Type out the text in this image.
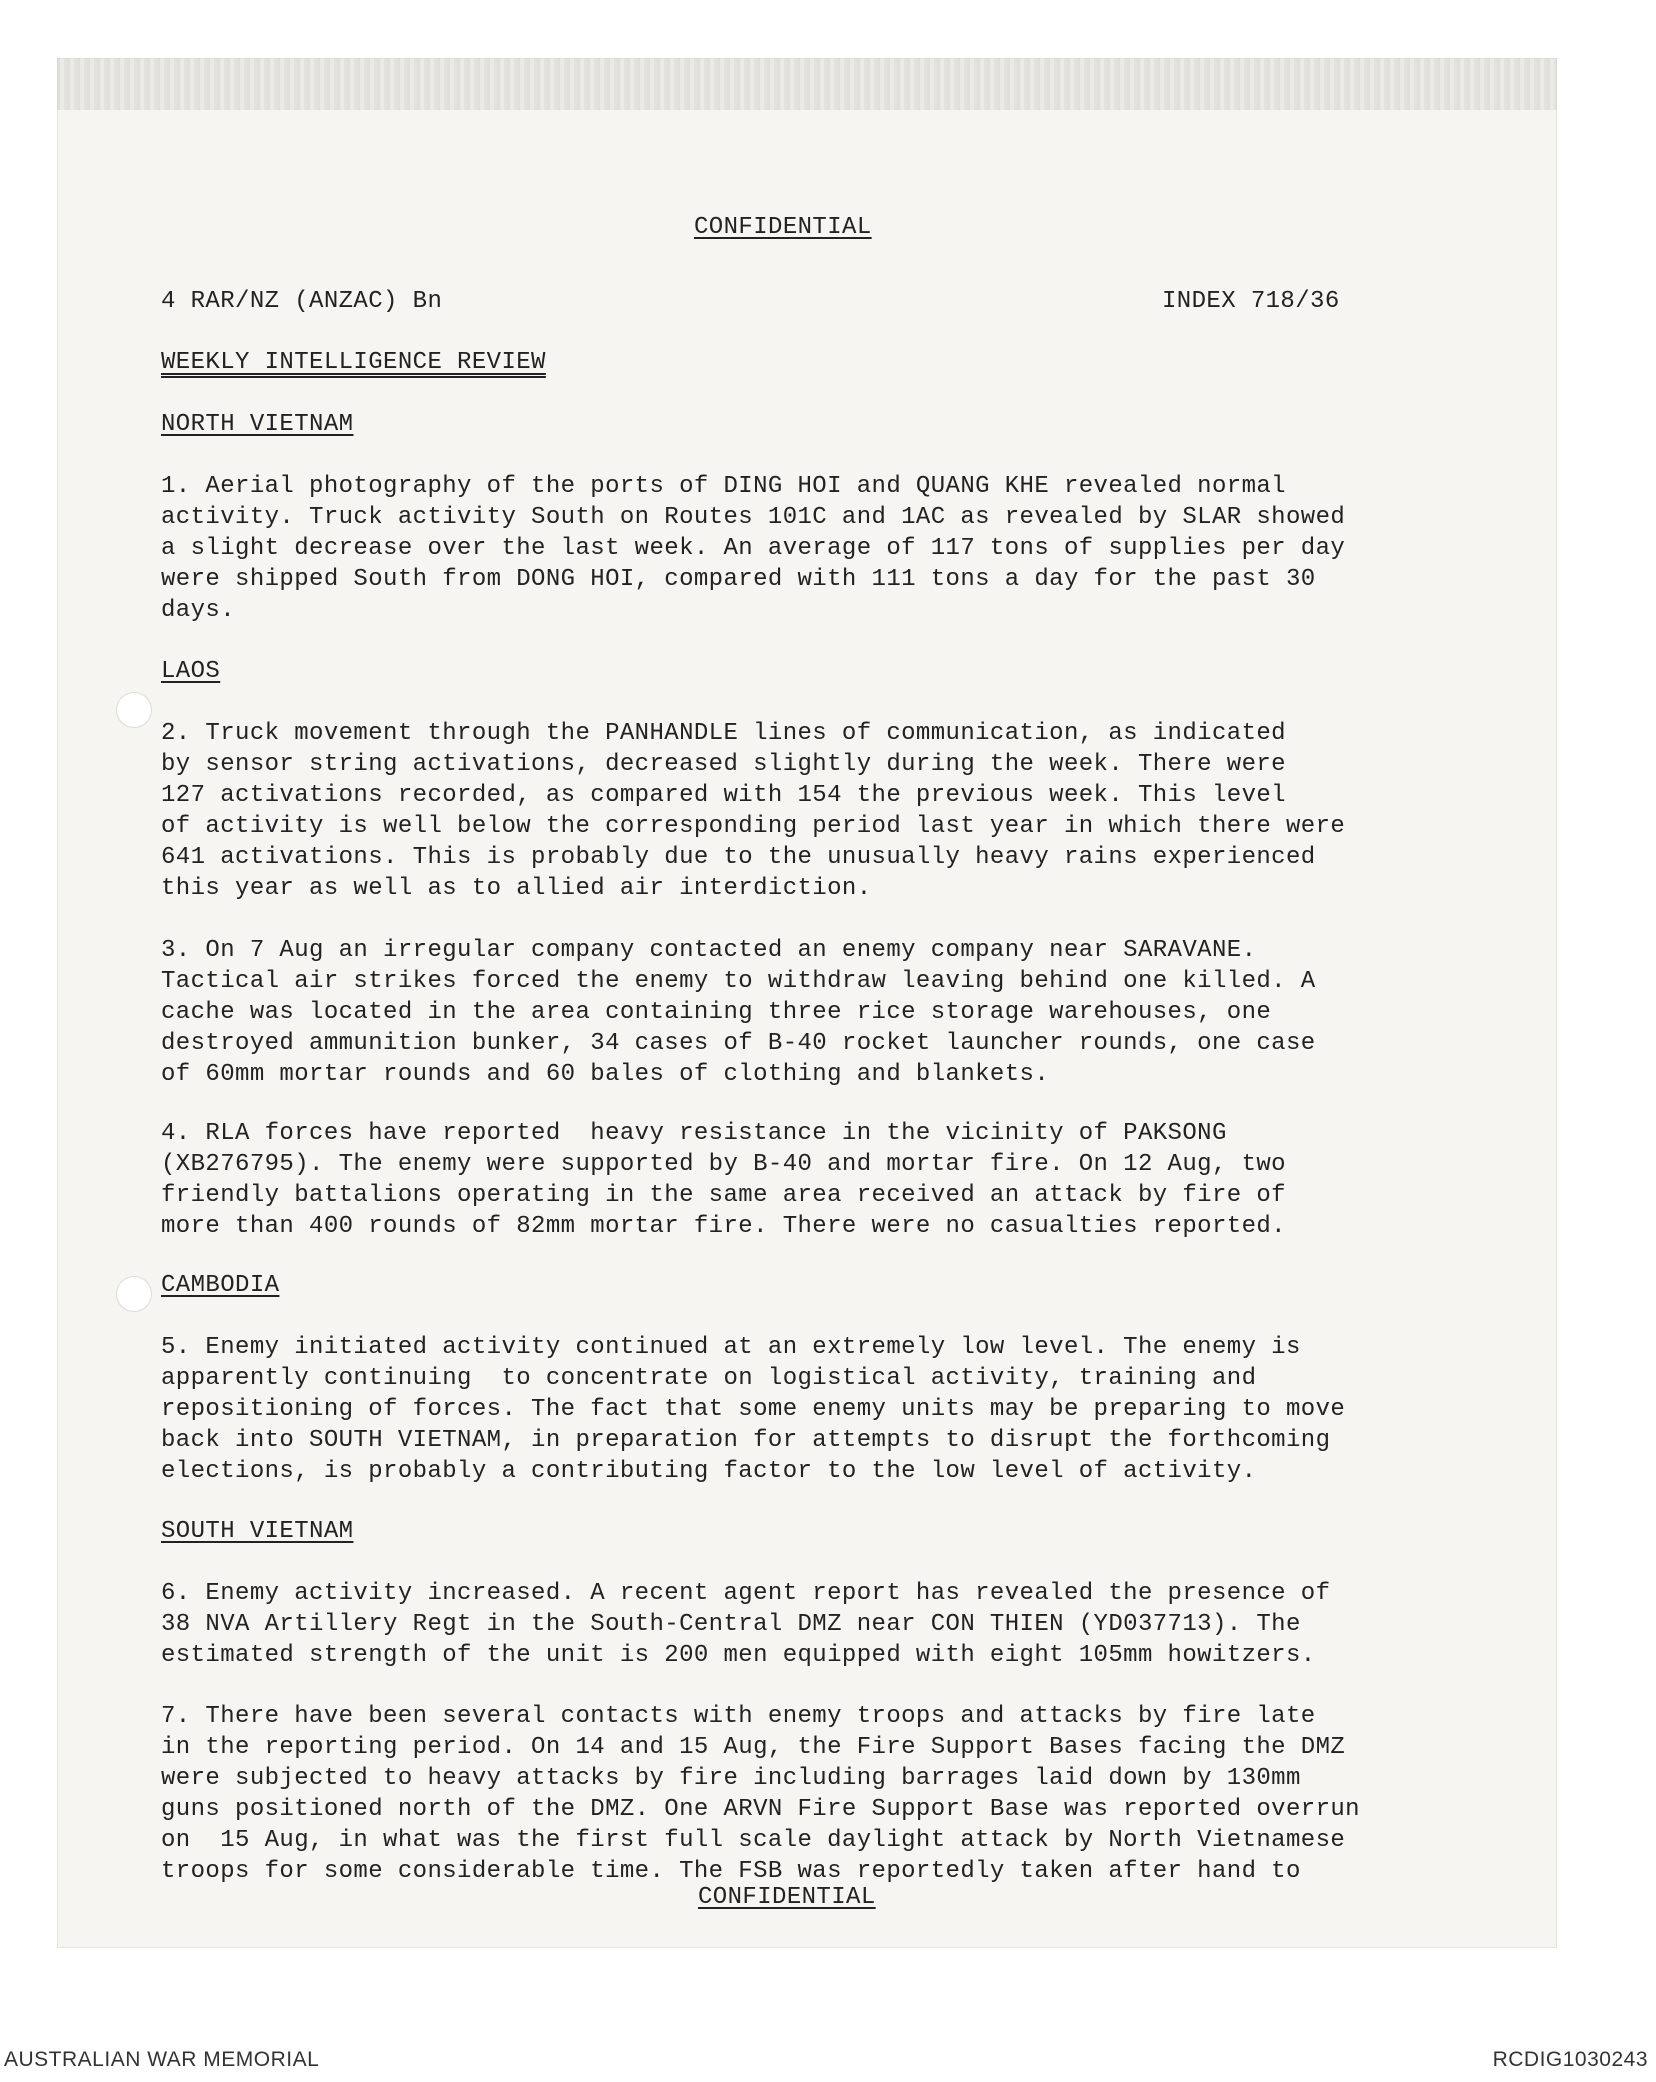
CONFIDENTIAL
4 RAR/NZ (ANZAC) Bn	INDEX 718/36
WEEKLY INTELLIGENCE REVIEW
NORTH VIETNAM
1. Aerial photography of the ports of DING HOI and QUANG KHE revealed normal
activity. Truck activity South on Routes 101C and 1AC as revealed by SLAR showed
a slight decrease over the last week. An average of 117 tons of supplies per day
were shipped South from DONG HOI, compared with 111 tons a day for the past 30
days.
LAOS
2. Truck movement through the PANHANDLE lines of communication, as indicated
by sensor string activations, decreased slightly during the week. There were
127 activations recorded, as compared with 154 the previous week. This level
of activity is well below the corresponding period last year in which there were
641 activations. This is probably due to the unusually heavy rains experienced
this year as well as to allied air interdiction.
3. On 7 Aug an irregular company contacted an enemy company near SARAVANE.
Tactical air strikes forced the enemy to withdraw leaving behind one killed. A
cache was located in the area containing three rice storage warehouses, one
destroyed ammunition bunker, 34 cases of B-40 rocket launcher rounds, one case
of 60mm mortar rounds and 60 bales of clothing and blankets.
4. RLA forces have reported  heavy resistance in the vicinity of PAKSONG
(XB276795). The enemy were supported by B-40 and mortar fire. On 12 Aug, two
friendly battalions operating in the same area received an attack by fire of
more than 400 rounds of 82mm mortar fire. There were no casualties reported.
CAMBODIA
5. Enemy initiated activity continued at an extremely low level. The enemy is
apparently continuing  to concentrate on logistical activity, training and
repositioning of forces. The fact that some enemy units may be preparing to move
back into SOUTH VIETNAM, in preparation for attempts to disrupt the forthcoming
elections, is probably a contributing factor to the low level of activity.
SOUTH VIETNAM
6. Enemy activity increased. A recent agent report has revealed the presence of
38 NVA Artillery Regt in the South-Central DMZ near CON THIEN (YD037713). The
estimated strength of the unit is 200 men equipped with eight 105mm howitzers.
7. There have been several contacts with enemy troops and attacks by fire late
in the reporting period. On 14 and 15 Aug, the Fire Support Bases facing the DMZ
were subjected to heavy attacks by fire including barrages laid down by 130mm
guns positioned north of the DMZ. One ARVN Fire Support Base was reported overrun
on  15 Aug, in what was the first full scale daylight attack by North Vietnamese
troops for some considerable time. The FSB was reportedly taken after hand to
CONFIDENTIAL
AUSTRALIAN WAR MEMORIAL	RCDIG1030243
